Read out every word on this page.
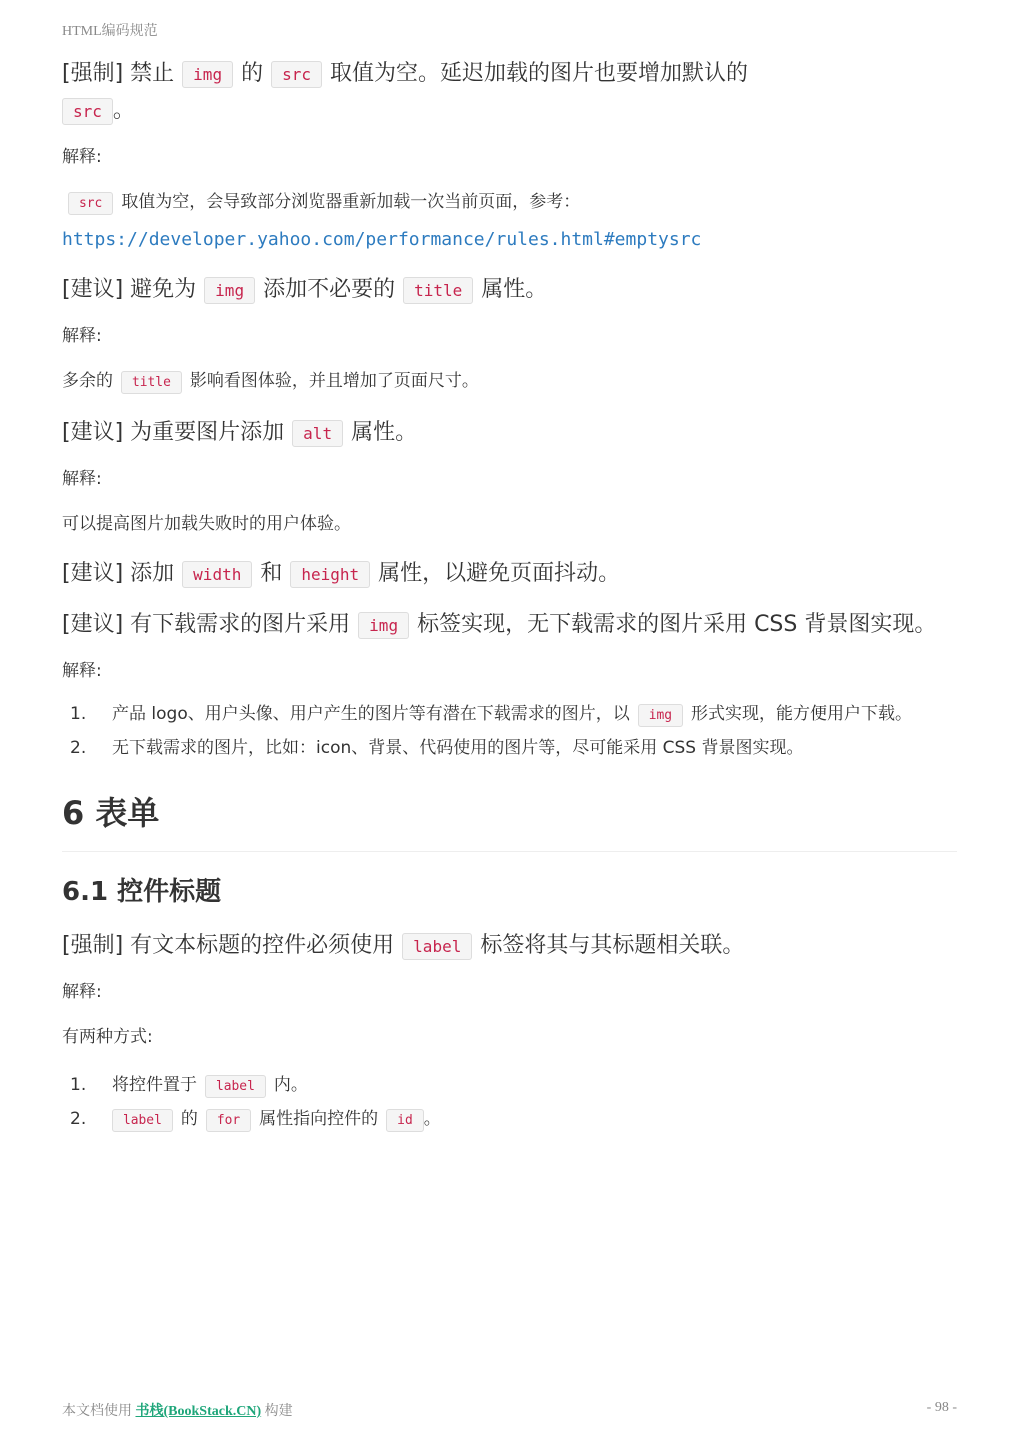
HTML编码规范

[强制] 禁止 img 的 src 取值为空。延迟加载的图片也要增加默认的
src 。

解释:

src 取值为空，会导致部分浏览器重新加载一次当前页面，参考：https://developer.yahoo.com/performance/rules.html#emptysrc

[建议] 避免为 img 添加不必要的 title 属性。

解释:

多余的 title 影响看图体验，并且增加了页面尺寸。

[建议] 为重要图片添加 alt 属性。

解释:

可以提高图片加载失败时的用户体验。

[建议] 添加 width 和 height 属性，以避免页面抖动。

[建议] 有下载需求的图片采用 img 标签实现，无下载需求的图片采用 CSS 背景图实现。

解释:

1. 产品 logo、用户头像、用户产生的图片等有潜在下载需求的图片，以 img 形式实现，能方便用户下载。
2. 无下载需求的图片，比如：icon、背景、代码使用的图片等，尽可能采用 CSS 背景图实现。
6 表单
6.1 控件标题

[强制] 有文本标题的控件必须使用 label 标签将其与其标题相关联。

解释:

有两种方式:

1. 将控件置于 label 内。
2.	label 的 for 属性指向控件的 id 。
本文档使用 书栈(BookStack.CN) 构建	- 98 -
